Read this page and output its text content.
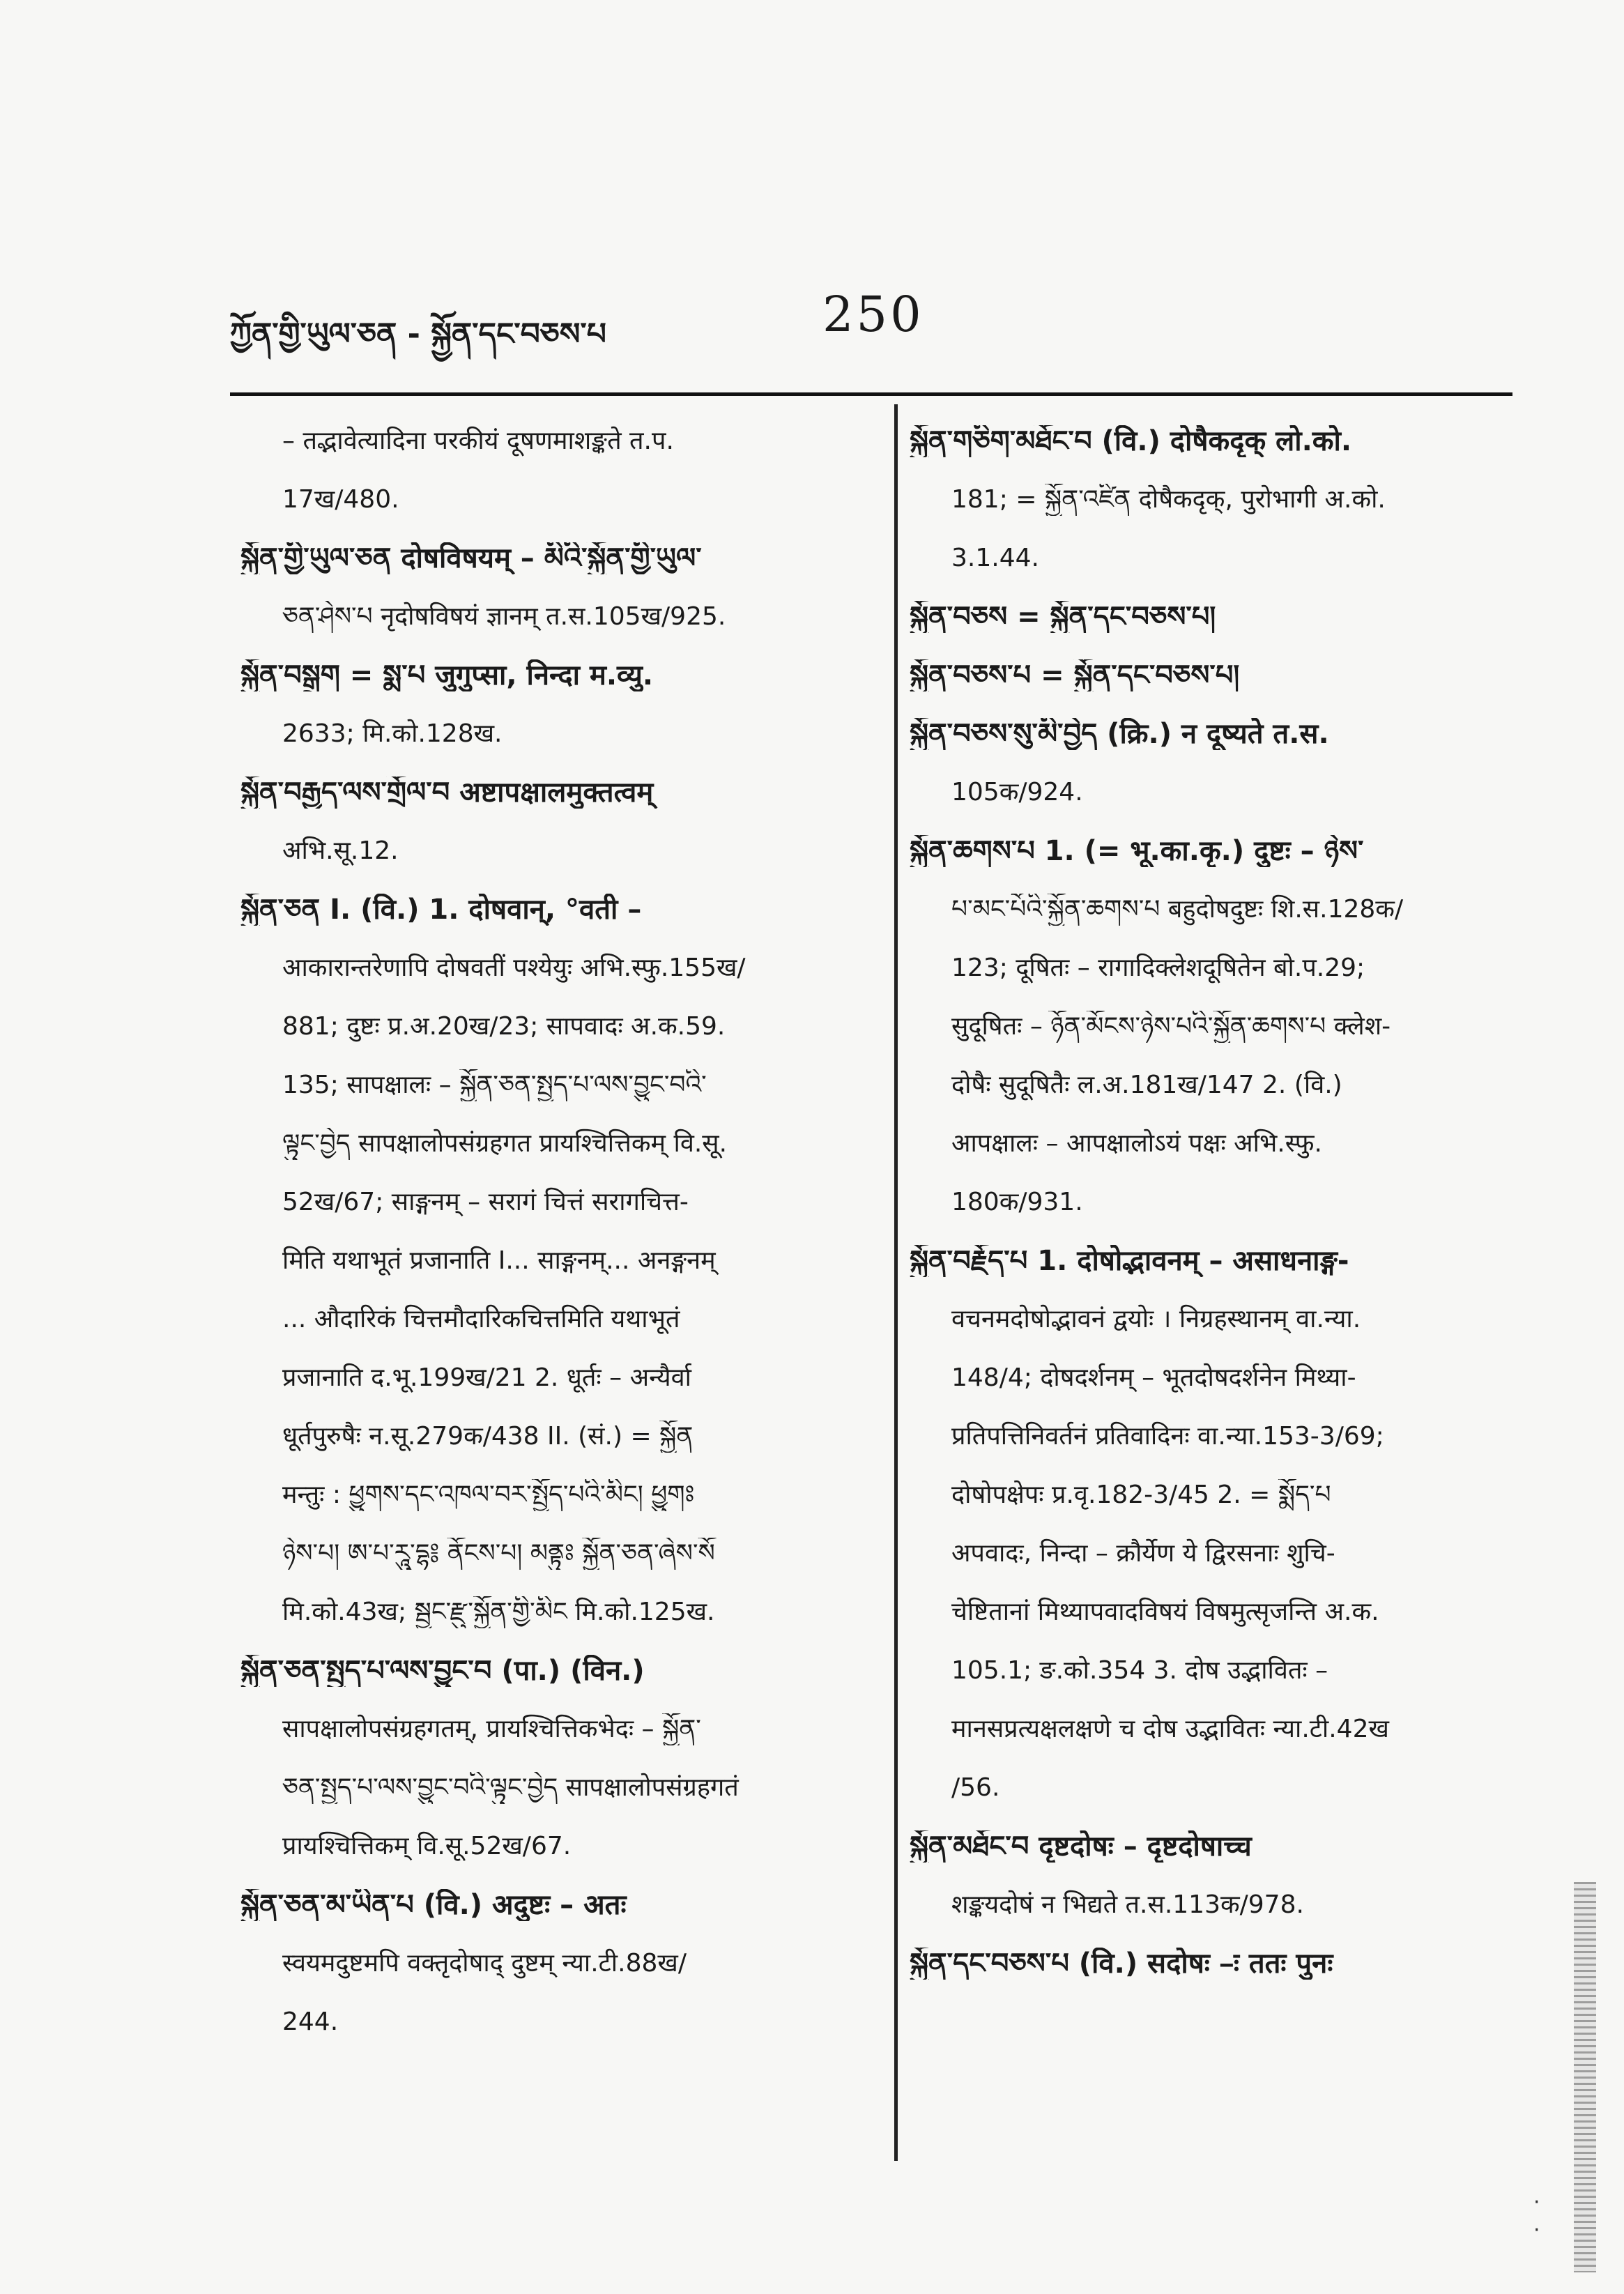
ཀྱོན་གྱི་ཡུལ་ཅན - སྐྱོན་དང་བཅས་པ	250
– तद्भावेत्यादिना परकीयं दूषणमाशङ्कते त.प.
17ख/480.
སྐྱོན་གྱི་ཡུལ་ཅན दोषविषयम् – མིའི་སྐྱོན་གྱི་ཡུལ་
ཅན་ཤེས་པ नृदोषविषयं ज्ञानम् त.स.105ख/925.
སྐྱོན་བསྒྲག = སྨྲ་པ जुगुप्सा, निन्दा म.व्यु.
2633; मि.को.128ख.
སྐྱོན་བརྒྱད་ལས་གྲོལ་བ अष्टापक्षालमुक्तत्वम्
अभि.सू.12.
སྐྱོན་ཅན I. (वि.) 1. दोषवान्, °वती –
आकारान्तरेणापि दोषवतीं पश्येयुः अभि.स्फु.155ख/
881; दुष्टः प्र.अ.20ख/23; सापवादः अ.क.59.
135; सापक्षालः – སྐྱོན་ཅན་སྤྱད་པ་ལས་བྱུང་བའི་
ལྟུང་བྱེད सापक्षालोपसंग्रहगत प्रायश्चित्तिकम् वि.सू.
52ख/67; साङ्गनम् – सरागं चित्तं सरागचित्त-
मिति यथाभूतं प्रजानाति I... साङ्गनम्... अनङ्गनम्
... औदारिकं चित्तमौदारिकचित्तमिति यथाभूतं
प्रजानाति द.भू.199ख/21 2. धूर्तः – अन्यैर्वा
धूर्तपुरुषैः न.सू.279क/438 II. (सं.) = སྐྱོན
मन्तुः : ཕྱུགས་དང་འཁལ་བར་སྤྱོད་པའི་མིང། ཕྱུགཿ
ཉེས་པ། ཨ་པ་རཱུ་དྷ༔ ནོངས་པ། མནྟུཿ སྐྱོན་ཅན་ཞེས་སོ
मि.को.43ख; སྦྱང་རྫུ་སྐྱོན་གྱི་མིང मि.को.125ख.
སྐྱོན་ཅན་སྤྱད་པ་ལས་བྱུང་བ (पा.) (विन.)
सापक्षालोपसंग्रहगतम्, प्रायश्चित्तिकभेदः – སྐྱོན་
ཅན་སྤྱད་པ་ལས་བྱུང་བའི་ལྟུང་བྱེད सापक्षालोपसंग्रहगतं
प्रायश्चित्तिकम् वि.सू.52ख/67.
སྐྱོན་ཅན་མ་ཡིན་པ (वि.) अदुष्टः – अतः
स्वयमदुष्टमपि वक्तृदोषाद् दुष्टम् न्या.टी.88ख/
244.
སྐྱོན་གཅིག་མཐོང་བ (वि.) दोषैकदृक् लो.को.
181; = སྐྱོན་འཛིན दोषैकदृक्, पुरोभागी अ.को.
3.1.44.
སྐྱོན་བཅས = སྐྱོན་དང་བཅས་པ།
སྐྱོན་བཅས་པ = སྐྱོན་དང་བཅས་པ།
སྐྱོན་བཅས་སུ་མི་བྱེད (क्रि.) न दूष्यते त.स.
105क/924.
སྐྱོན་ཆགས་པ 1. (= भू.का.कृ.) दुष्टः – ཉེས་
པ་མང་པོའི་སྐྱོན་ཆགས་པ बहुदोषदुष्टः शि.स.128क/
123; दूषितः – रागादिक्लेशदूषितेन बो.प.29;
सुदूषितः – ཉོན་མོངས་ཉེས་པའི་སྐྱོན་ཆགས་པ क्लेश-
दोषैः सुदूषितैः ल.अ.181ख/147 2. (वि.)
आपक्षालः – आपक्षालोऽयं पक्षः अभि.स्फु.
180क/931.
སྐྱོན་བརྗོད་པ 1. दोषोद्भावनम् – असाधनाङ्ग-
वचनमदोषोद्भावनं द्वयोः । निग्रहस्थानम् वा.न्या.
148/4; दोषदर्शनम् – भूतदोषदर्शनेन मिथ्या-
प्रतिपत्तिनिवर्तनं प्रतिवादिनः वा.न्या.153-3/69;
दोषोपक्षेपः प्र.वृ.182-3/45 2. = སྨོད་པ
अपवादः, निन्दा – क्रौर्येण ये द्विरसनाः शुचि-
चेष्टितानां मिथ्यापवादविषयं विषमुत्सृजन्ति अ.क.
105.1; ङ.को.354 3. दोष उद्भावितः –
मानसप्रत्यक्षलक्षणे च दोष उद्भावितः न्या.टी.42ख
/56.
སྐྱོན་མཐོང་བ दृष्टदोषः – दृष्टदोषाच्च
शङ्कयदोषं न भिद्यते त.स.113क/978.
སྐྱོན་དང་བཅས་པ (वि.) सदोषः –ः ततः पुनः
·
·
